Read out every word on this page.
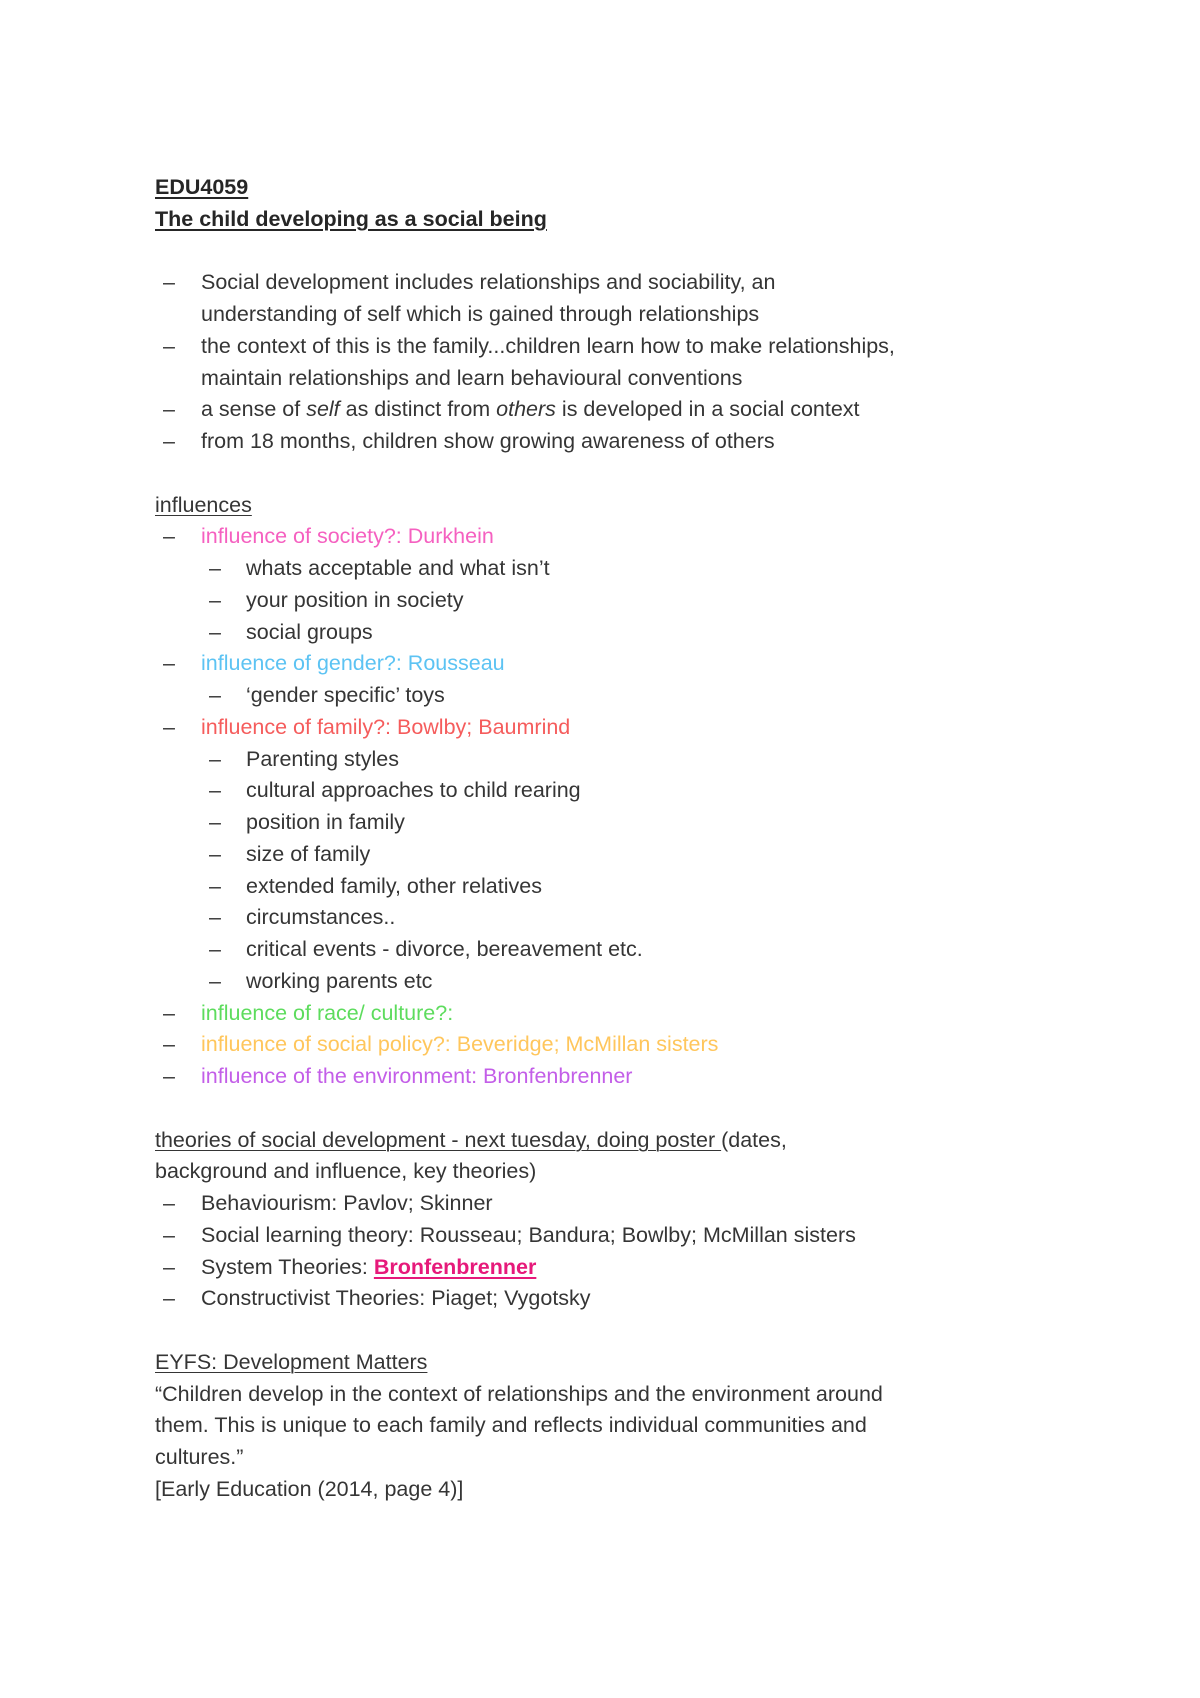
EDU4059
The child developing as a social being
– Social development includes relationships and sociability, an
understanding of self which is gained through relationships
– the context of this is the family...children learn how to make relationships,
maintain relationships and learn behavioural conventions
– a sense of self as distinct from others is developed in a social context
– from 18 months, children show growing awareness of others
influences
– influence of society?: Durkhein
– whats acceptable and what isn’t
– your position in society
– social groups
– influence of gender?: Rousseau
– ‘gender specific’ toys
– influence of family?: Bowlby; Baumrind
– Parenting styles
– cultural approaches to child rearing
– position in family
– size of family
– extended family, other relatives
– circumstances..
– critical events - divorce, bereavement etc.
– working parents etc
– influence of race/ culture?:
– influence of social policy?: Beveridge; McMillan sisters
– influence of the environment: Bronfenbrenner
theories of social development - next tuesday, doing poster (dates,
background and influence, key theories)
– Behaviourism: Pavlov; Skinner
– Social learning theory: Rousseau; Bandura; Bowlby; McMillan sisters
– System Theories: Bronfenbrenner
– Constructivist Theories: Piaget; Vygotsky
EYFS: Development Matters
“Children develop in the context of relationships and the environment around
them. This is unique to each family and reflects individual communities and
cultures.”
[Early Education (2014, page 4)]
